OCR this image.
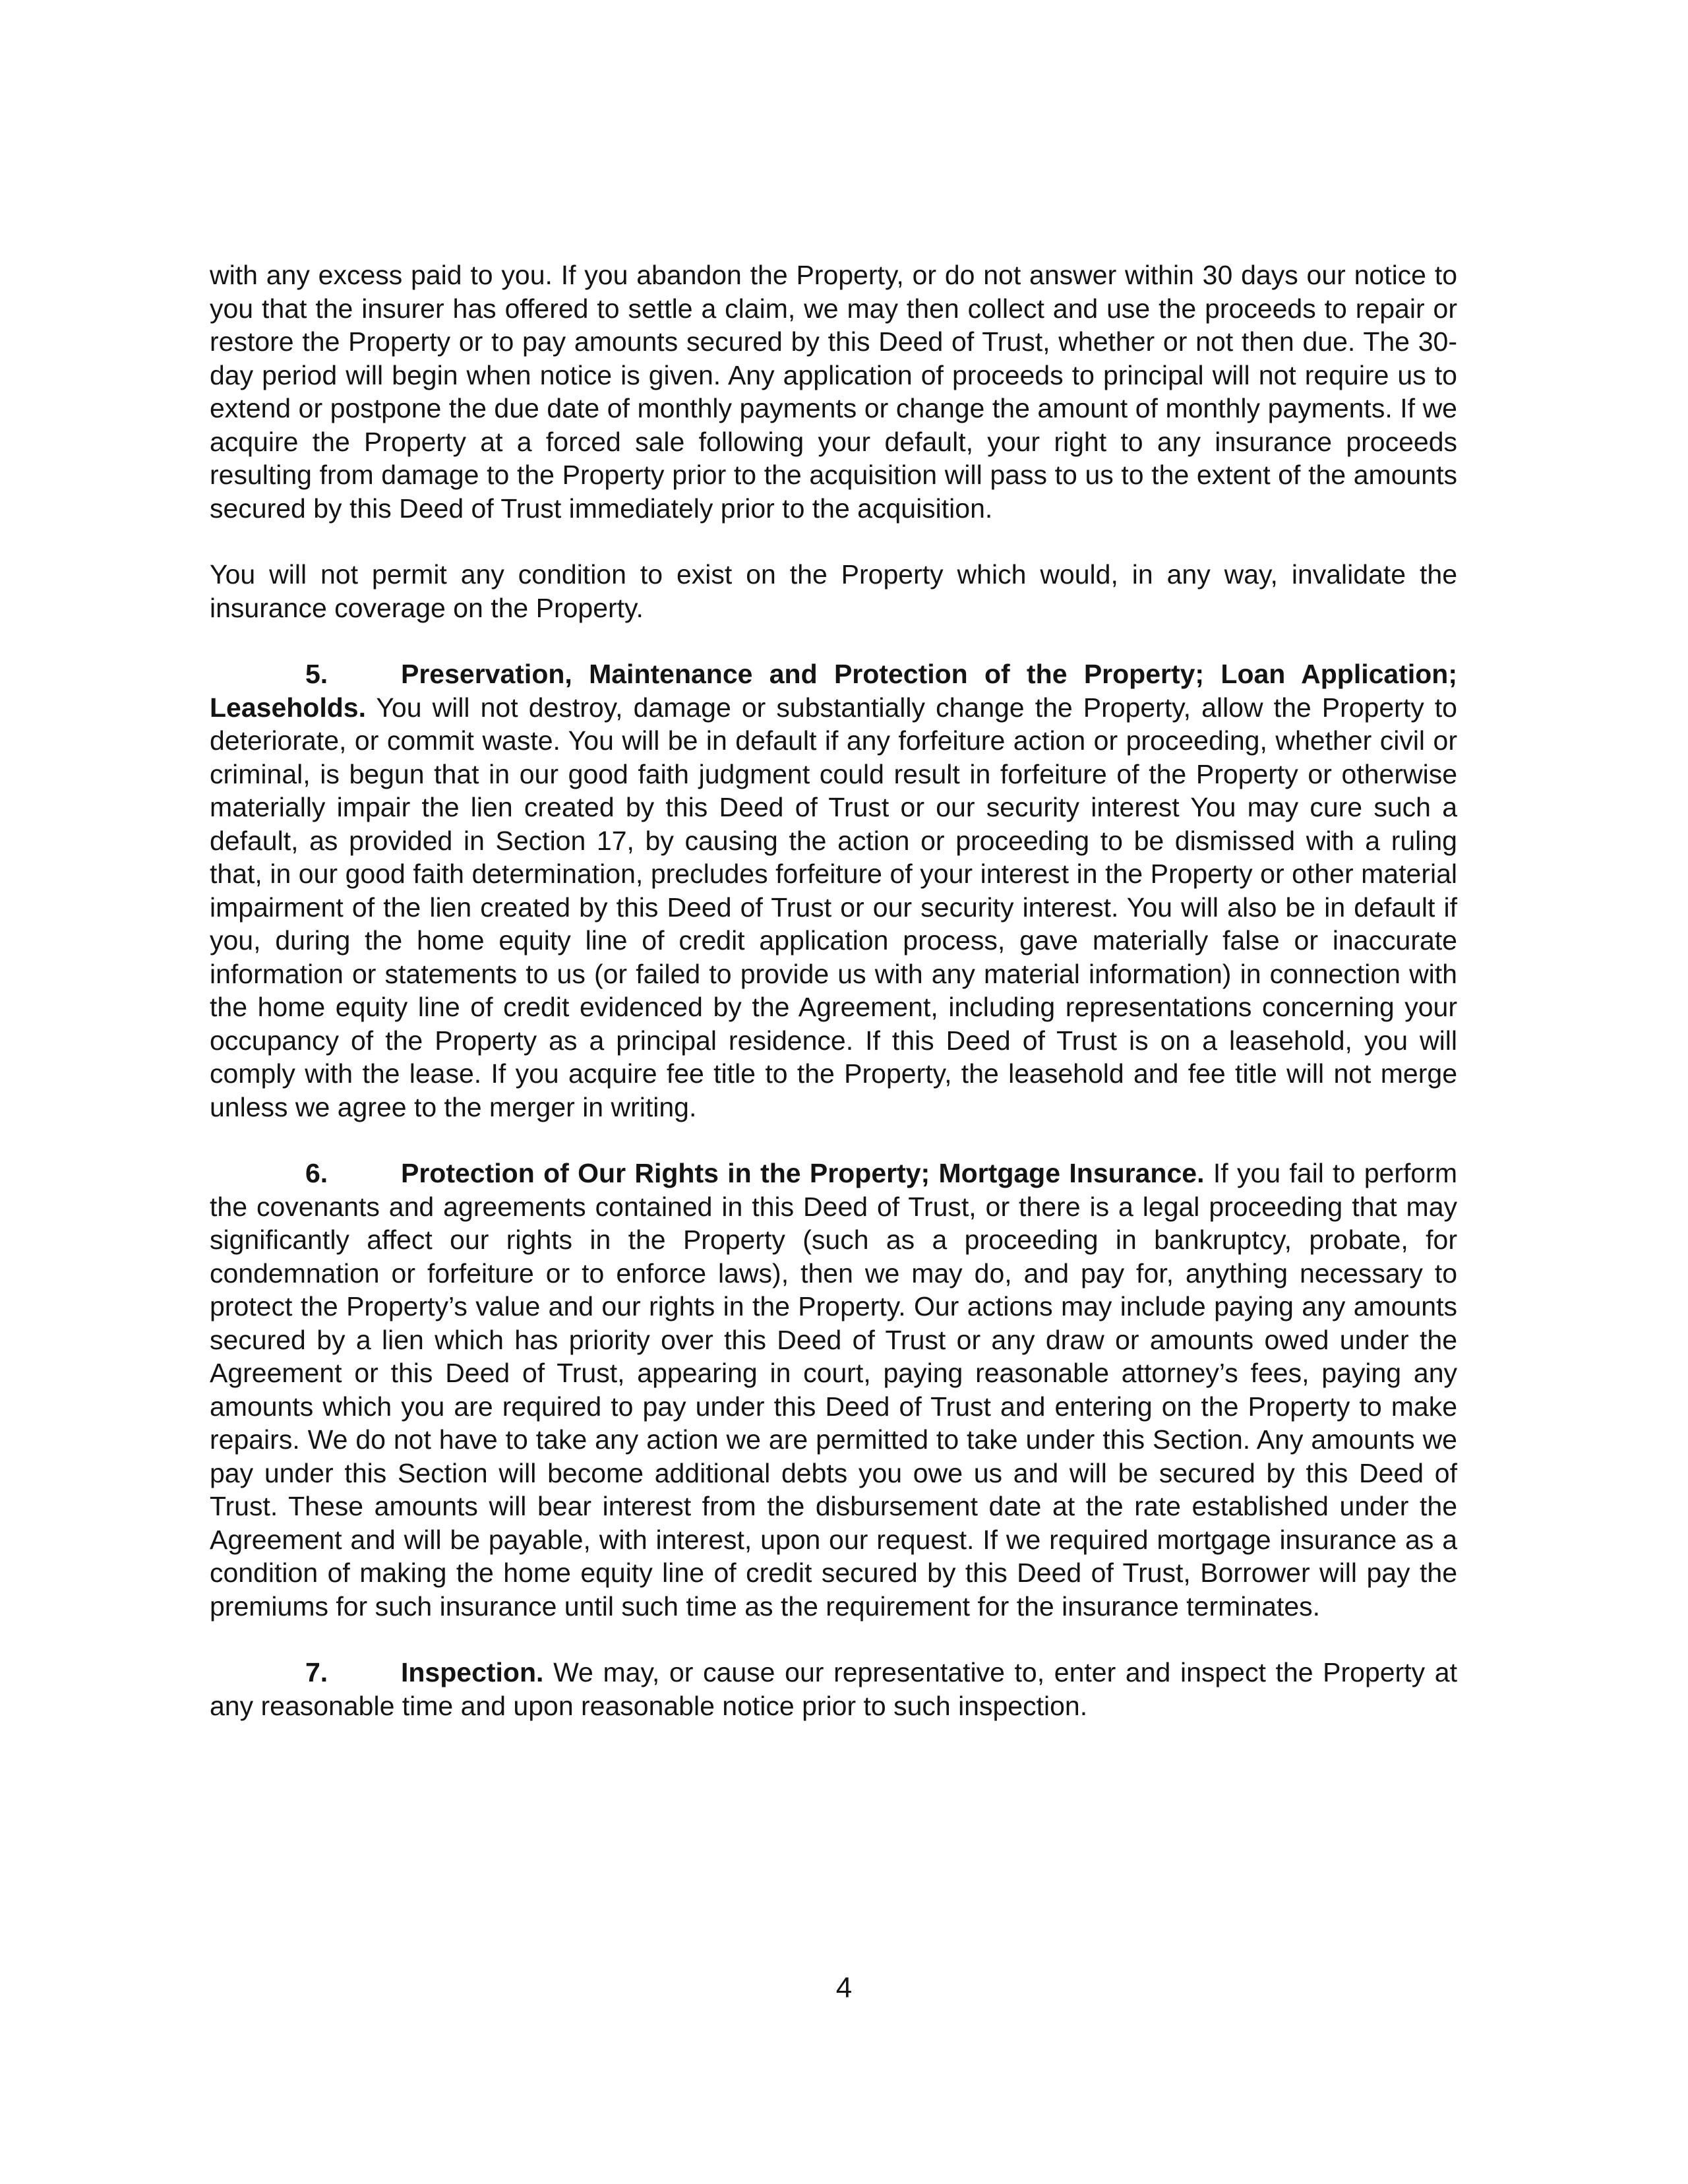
with any excess paid to you. If you abandon the Property, or do not answer within 30 days our notice to you that the insurer has offered to settle a claim, we may then collect and use the proceeds to repair or restore the Property or to pay amounts secured by this Deed of Trust, whether or not then due. The 30-day period will begin when notice is given. Any application of proceeds to principal will not require us to extend or postpone the due date of monthly payments or change the amount of monthly payments. If we acquire the Property at a forced sale following your default, your right to any insurance proceeds resulting from damage to the Property prior to the acquisition will pass to us to the extent of the amounts secured by this Deed of Trust immediately prior to the acquisition.

You will not permit any condition to exist on the Property which would, in any way, invalidate the insurance coverage on the Property.

5.	Preservation, Maintenance and Protection of the Property; Loan Application; Leaseholds. You will not destroy, damage or substantially change the Property, allow the Property to deteriorate, or commit waste. You will be in default if any forfeiture action or proceeding, whether civil or criminal, is begun that in our good faith judgment could result in forfeiture of the Property or otherwise materially impair the lien created by this Deed of Trust or our security interest You may cure such a default, as provided in Section 17, by causing the action or proceeding to be dismissed with a ruling that, in our good faith determination, precludes forfeiture of your interest in the Property or other material impairment of the lien created by this Deed of Trust or our security interest. You will also be in default if you, during the home equity line of credit application process, gave materially false or inaccurate information or statements to us (or failed to provide us with any material information) in connection with the home equity line of credit evidenced by the Agreement, including representations concerning your occupancy of the Property as a principal residence. If this Deed of Trust is on a leasehold, you will comply with the lease. If you acquire fee title to the Property, the leasehold and fee title will not merge unless we agree to the merger in writing.

6.	Protection of Our Rights in the Property; Mortgage Insurance. If you fail to perform the covenants and agreements contained in this Deed of Trust, or there is a legal proceeding that may significantly affect our rights in the Property (such as a proceeding in bankruptcy, probate, for condemnation or forfeiture or to enforce laws), then we may do, and pay for, anything necessary to protect the Property’s value and our rights in the Property. Our actions may include paying any amounts secured by a lien which has priority over this Deed of Trust or any draw or amounts owed under the Agreement or this Deed of Trust, appearing in court, paying reasonable attorney’s fees, paying any amounts which you are required to pay under this Deed of Trust and entering on the Property to make repairs. We do not have to take any action we are permitted to take under this Section. Any amounts we pay under this Section will become additional debts you owe us and will be secured by this Deed of Trust. These amounts will bear interest from the disbursement date at the rate established under the Agreement and will be payable, with interest, upon our request. If we required mortgage insurance as a condition of making the home equity line of credit secured by this Deed of Trust, Borrower will pay the premiums for such insurance until such time as the requirement for the insurance terminates.

7.	Inspection. We may, or cause our representative to, enter and inspect the Property at any reasonable time and upon reasonable notice prior to such inspection.

4
